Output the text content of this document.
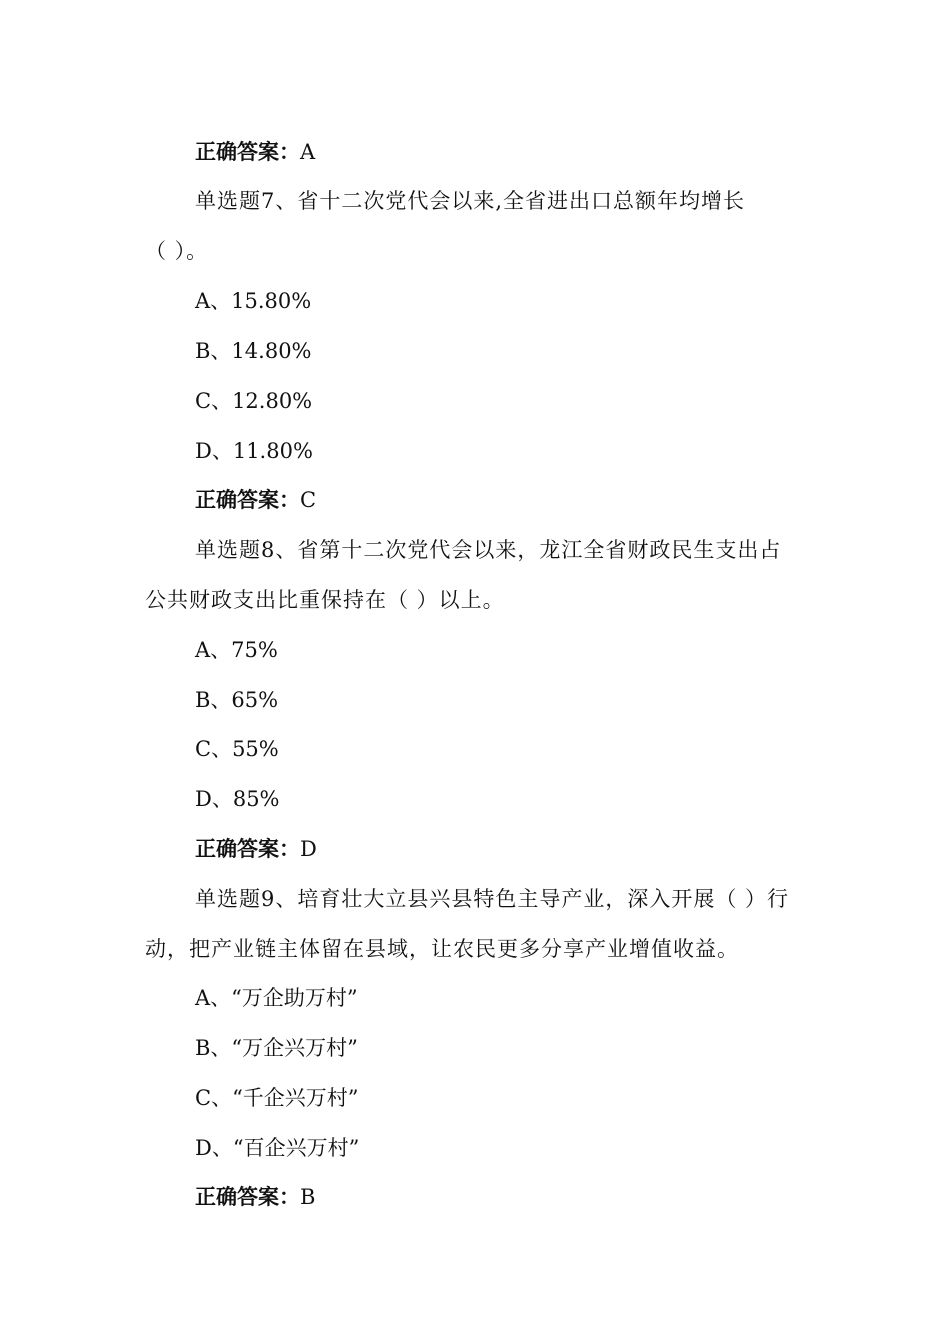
正确答案：A
单选题7、省十二次党代会以来,全省进出口总额年均增长
（ ）。
A、15.80%
B、14.80%
C、12.80%
D、11.80%
正确答案：C
单选题8、省第十二次党代会以来，龙江全省财政民生支出占
公共财政支出比重保持在（ ）以上。
A、75%
B、65%
C、55%
D、85%
正确答案：D
单选题9、培育壮大立县兴县特色主导产业，深入开展（ ）行
动，把产业链主体留在县域，让农民更多分享产业增值收益。
A、“万企助万村”
B、“万企兴万村”
C、“千企兴万村”
D、“百企兴万村”
正确答案：B
